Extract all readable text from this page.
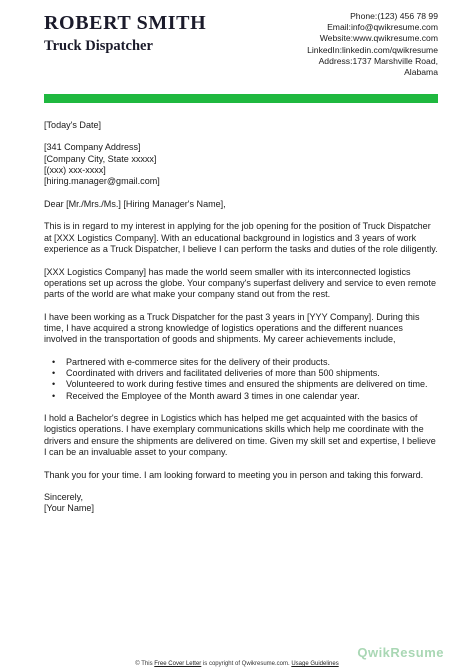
ROBERT SMITH
Truck Dispatcher
Phone:(123) 456 78 99
Email:info@qwikresume.com
Website:www.qwikresume.com
LinkedIn:linkedin.com/qwikresume
Address:1737 Marshville Road,
Alabama

[Today's Date]

[341 Company Address]
[Company City, State xxxxx]
[(xxx) xxx-xxxx]
[hiring.manager@gmail.com]

Dear [Mr./Mrs./Ms.] [Hiring Manager's Name],

This is in regard to my interest in applying for the job opening for the position of Truck Dispatcher at [XXX Logistics Company]. With an educational background in logistics and 3 years of work experience as a Truck Dispatcher, I believe I can perform the tasks and duties of the role diligently.

[XXX Logistics Company] has made the world seem smaller with its interconnected logistics operations set up across the globe. Your company's superfast delivery and service to even remote parts of the world are what make your company stand out from the rest.

I have been working as a Truck Dispatcher for the past 3 years in [YYY Company]. During this time, I have acquired a strong knowledge of logistics operations and the different nuances involved in the transportation of goods and shipments. My career achievements include,

• Partnered with e-commerce sites for the delivery of their products.
• Coordinated with drivers and facilitated deliveries of more than 500 shipments.
• Volunteered to work during festive times and ensured the shipments are delivered on time.
• Received the Employee of the Month award 3 times in one calendar year.

I hold a Bachelor's degree in Logistics which has helped me get acquainted with the basics of logistics operations. I have exemplary communications skills which help me coordinate with the drivers and ensure the shipments are delivered on time. Given my skill set and expertise, I believe I can be an invaluable asset to your company.

Thank you for your time. I am looking forward to meeting you in person and taking this forward.

Sincerely,
[Your Name]
QwikResume
© This Free Cover Letter is copyright of Qwikresume.com. Usage Guidelines
